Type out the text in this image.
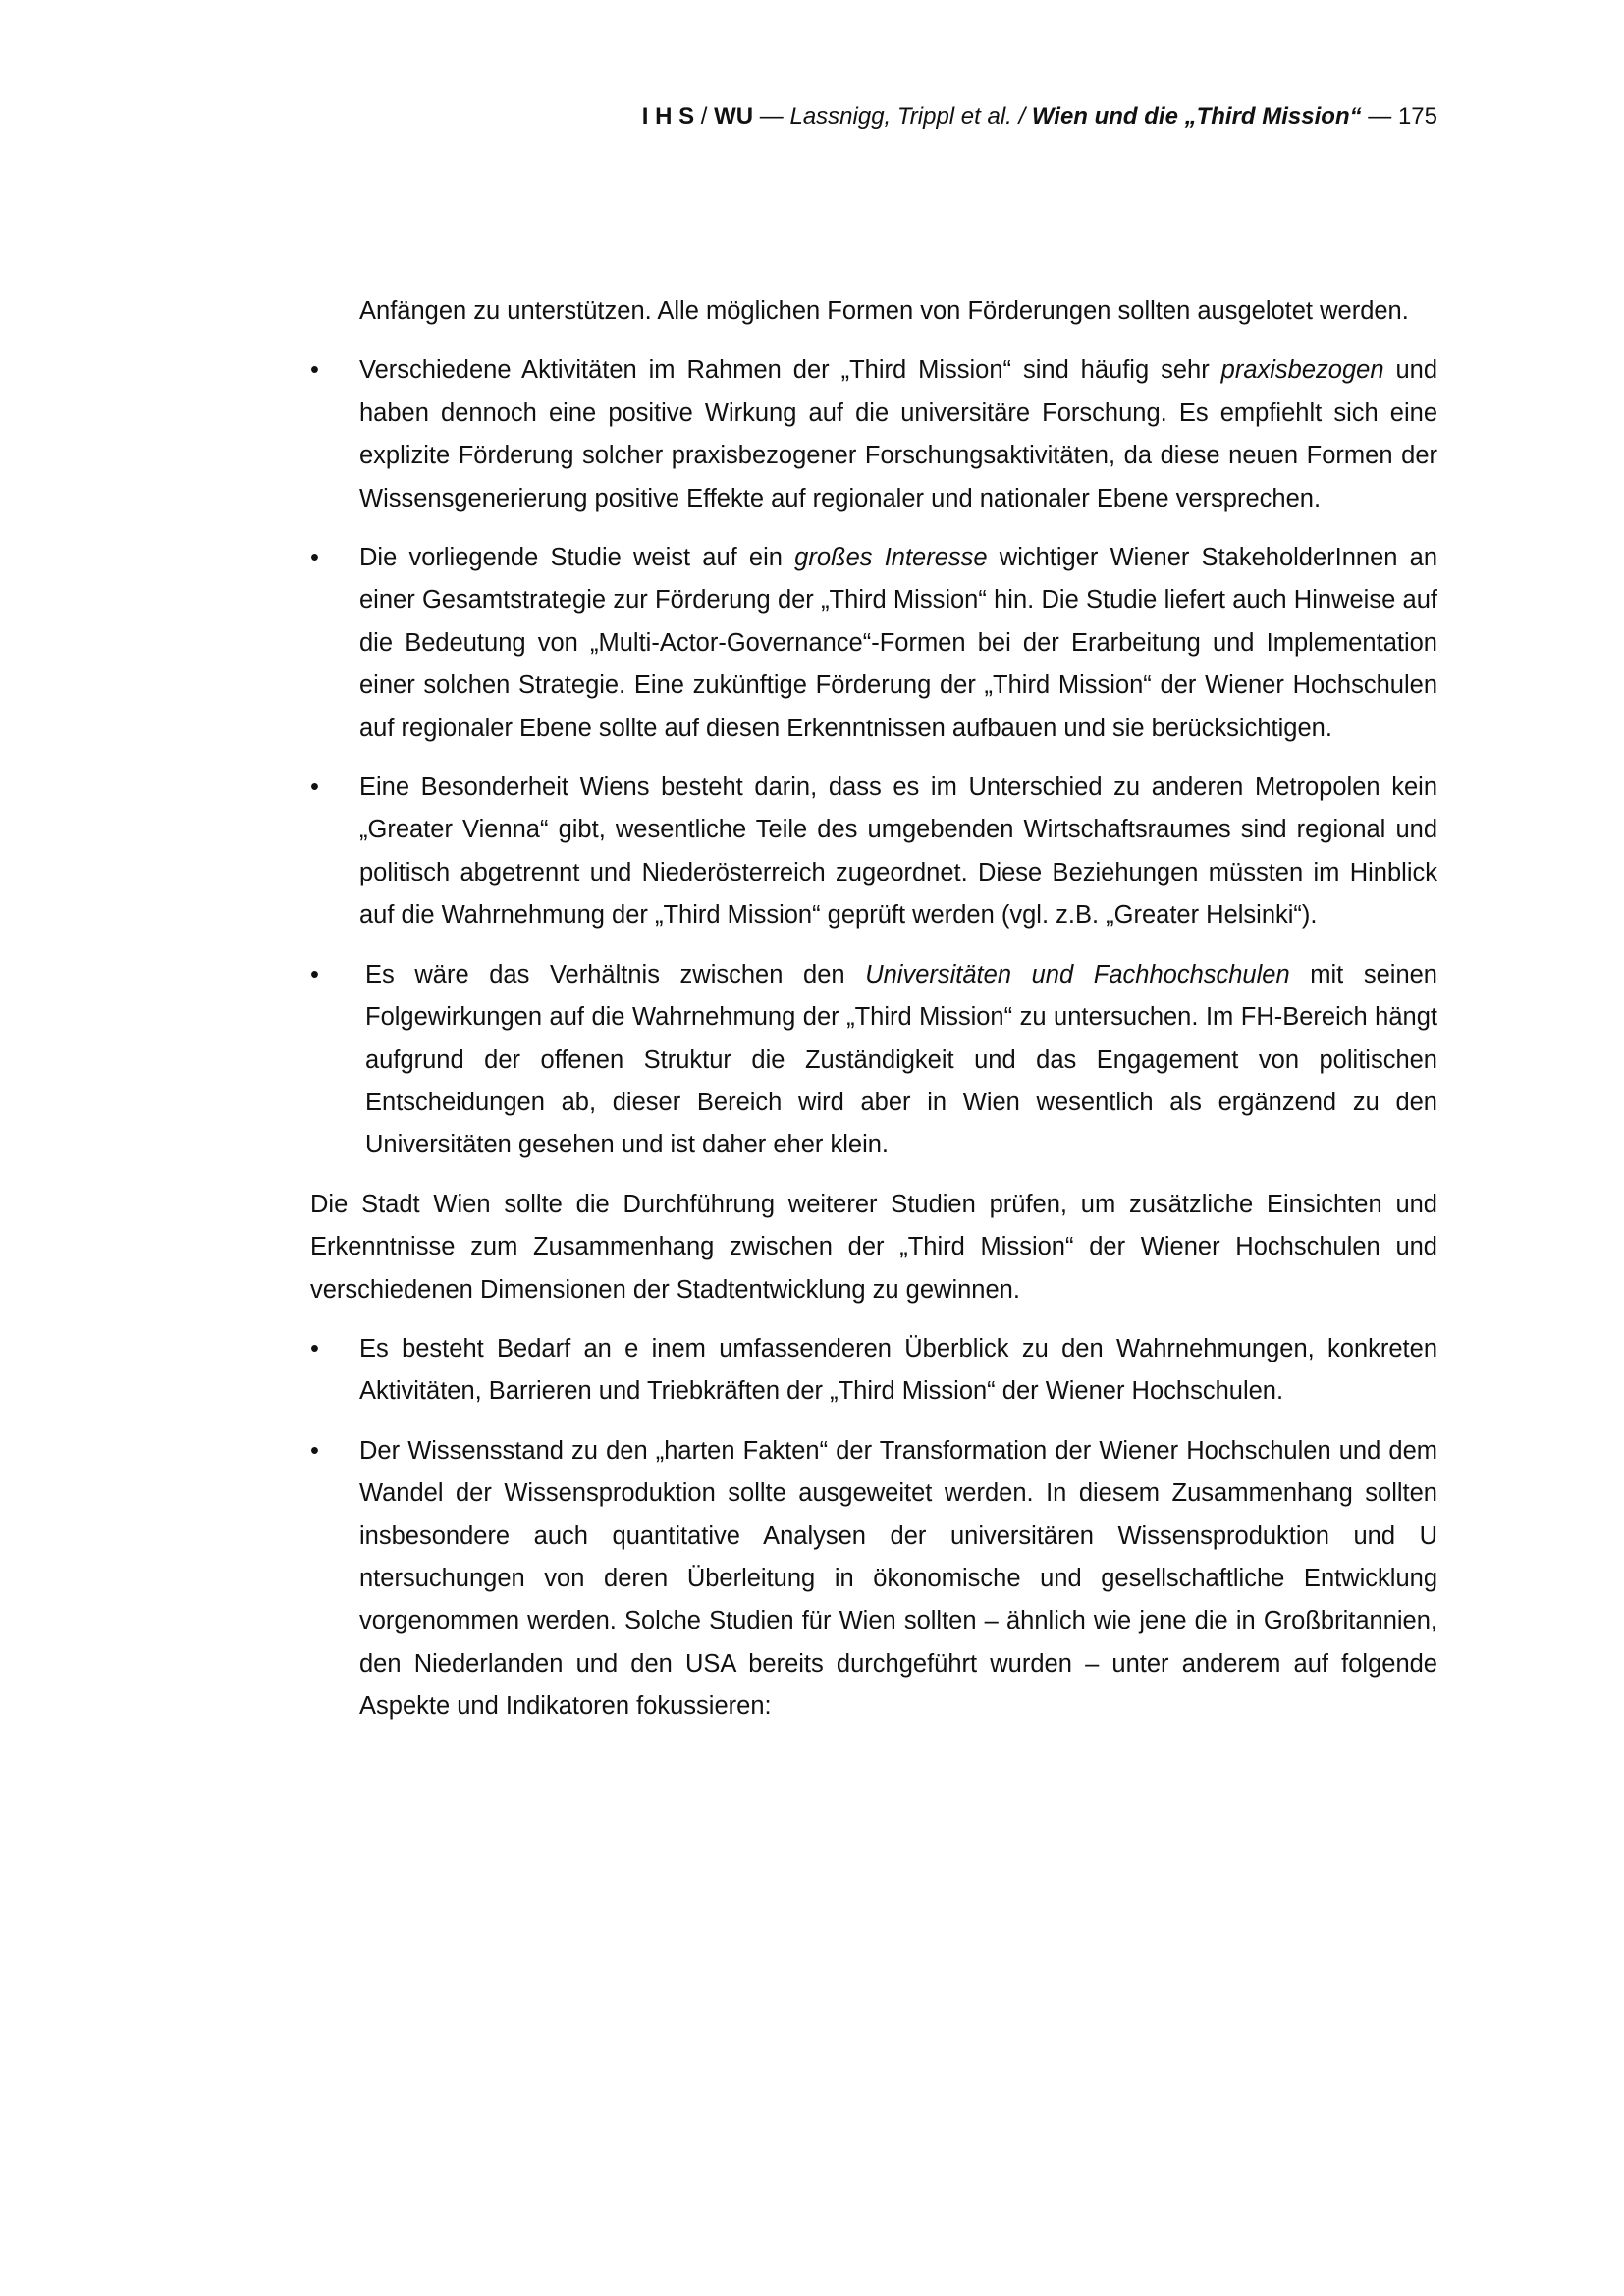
I H S / WU — Lassnigg, Trippl et al. / Wien und die „Third Mission“ — 175

Anfängen zu unterstützen. Alle möglichen Formen von Förderungen sollten ausgelotet werden.

•	Verschiedene Aktivitäten im Rahmen der „Third Mission“ sind häufig sehr praxisbezogen und haben dennoch eine positive Wirkung auf die universitäre Forschung. Es empfiehlt sich eine explizite Förderung solcher praxisbezogener Forschungsaktivitäten, da diese neuen Formen der Wissensgenerierung positive Effekte auf regionaler und nationaler Ebene versprechen.
•	Die vorliegende Studie weist auf ein großes Interesse wichtiger Wiener StakeholderInnen an einer Gesamtstrategie zur Förderung der „Third Mission“ hin. Die Studie liefert auch Hinweise auf die Bedeutung von „Multi-Actor-Governance“-Formen bei der Erarbeitung und Implementation einer solchen Strategie. Eine zukünftige Förderung der „Third Mission“ der Wiener Hochschulen auf regionaler Ebene sollte auf diesen Erkenntnissen aufbauen und sie berücksichtigen.
•	Eine Besonderheit Wiens besteht darin, dass es im Unterschied zu anderen Metropolen kein „Greater Vienna“ gibt, wesentliche Teile des umgebenden Wirtschaftsraumes sind regional und politisch abgetrennt und Niederösterreich zugeordnet. Diese Beziehungen müssten im Hinblick auf die Wahrnehmung der „Third Mission“ geprüft werden (vgl. z.B. „Greater Helsinki“).
•	Es wäre das Verhältnis zwischen den Universitäten und Fachhochschulen mit seinen Folgewirkungen auf die Wahrnehmung der „Third Mission“ zu untersuchen. Im FH-Bereich hängt aufgrund der offenen Struktur die Zuständigkeit und das Engagement von politischen Entscheidungen ab, dieser Bereich wird aber in Wien wesentlich als ergänzend zu den Universitäten gesehen und ist daher eher klein.

Die Stadt Wien sollte die Durchführung weiterer Studien prüfen, um zusätzliche Einsichten und Erkenntnisse zum Zusammenhang zwischen der „Third Mission“ der Wiener Hochschulen und verschiedenen Dimensionen der Stadtentwicklung zu gewinnen.

•	Es besteht Bedarf an e inem umfassenderen Überblick zu den Wahrnehmungen, konkreten Aktivitäten, Barrieren und Triebkräften der „Third Mission“ der Wiener Hochschulen.
•	Der Wissensstand zu den „harten Fakten“ der Transformation der Wiener Hochschulen und dem Wandel der Wissensproduktion sollte ausgeweitet werden. In diesem Zusammenhang sollten insbesondere auch quantitative Analysen der universitären Wissensproduktion und U ntersuchungen von deren Überleitung in ökonomische und gesellschaftliche Entwicklung vorgenommen werden. Solche Studien für Wien sollten – ähnlich wie jene die in Großbritannien, den Niederlanden und den USA bereits durchgeführt wurden – unter anderem auf folgende Aspekte und Indikatoren fokussieren:
